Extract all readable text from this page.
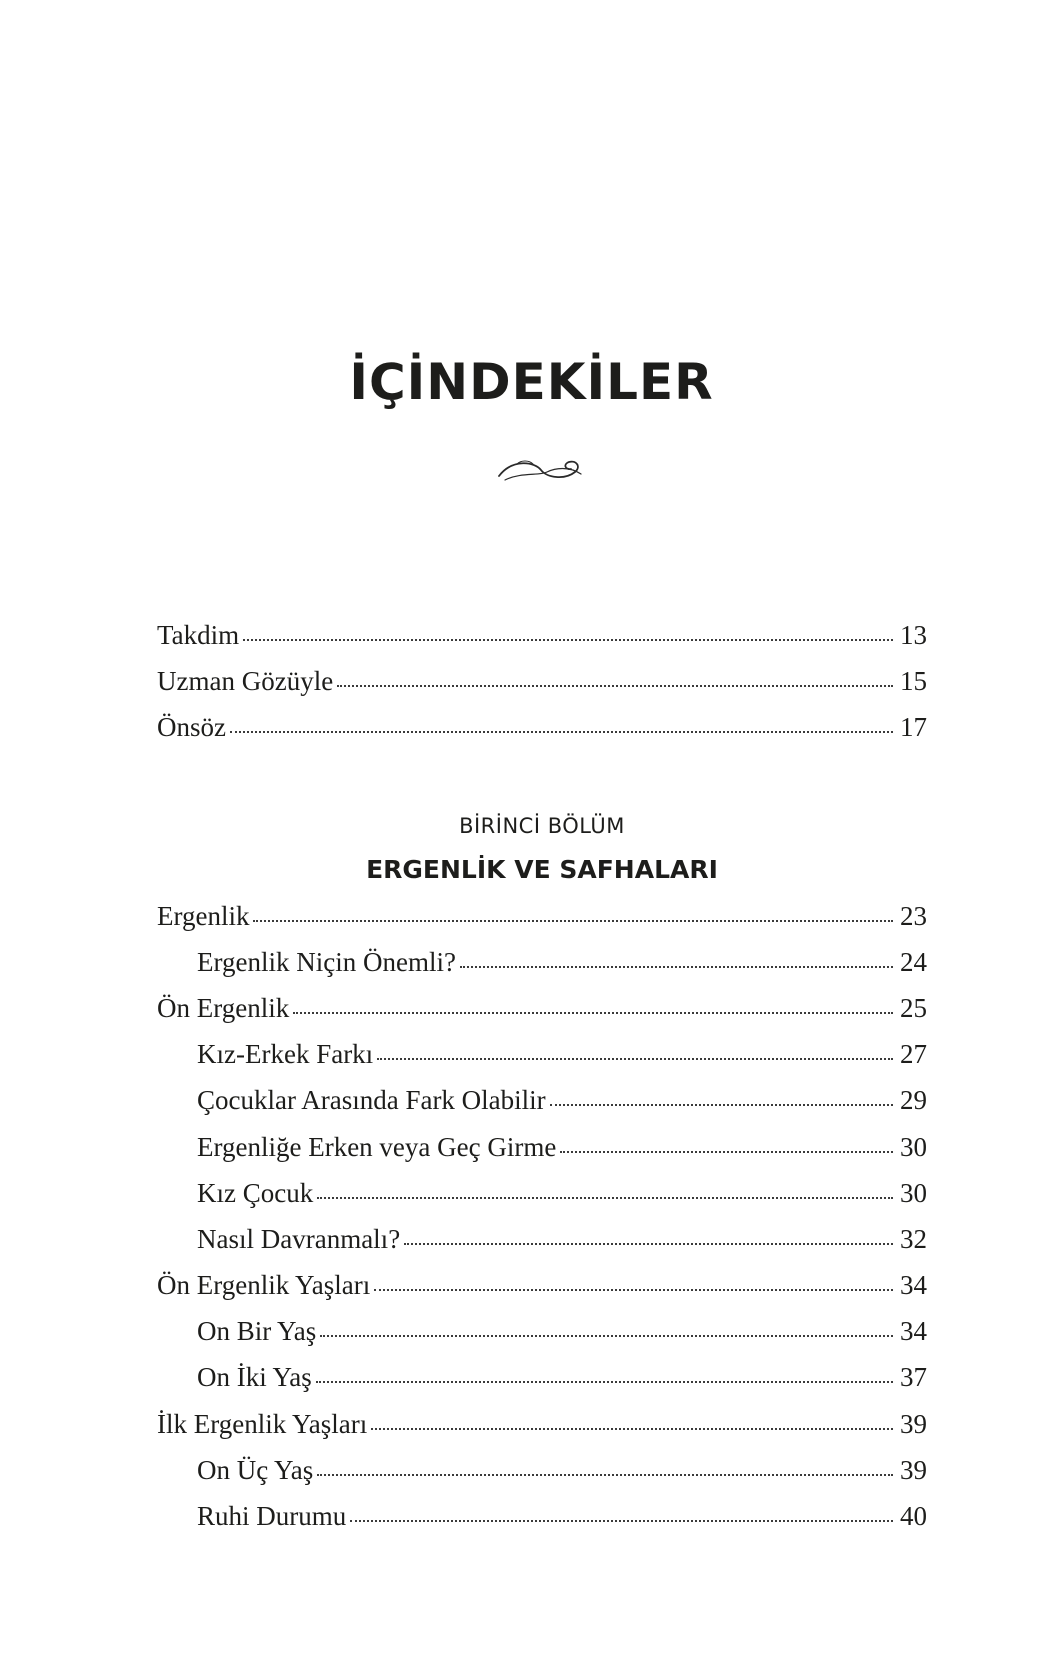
İÇİNDEKİLER
Takdim	13
Uzman Gözüyle	15
Önsöz	17
BİRİNCİ BÖLÜM
ERGENLİK VE SAFHALARI
Ergenlik	23
Ergenlik Niçin Önemli?	24
Ön Ergenlik	25
Kız-Erkek Farkı	27
Çocuklar Arasında Fark Olabilir	29
Ergenliğe Erken veya Geç Girme	30
Kız Çocuk	30
Nasıl Davranmalı?	32
Ön Ergenlik Yaşları	34
On Bir Yaş	34
On İki Yaş	37
İlk Ergenlik Yaşları	39
On Üç Yaş	39
Ruhi Durumu	40
